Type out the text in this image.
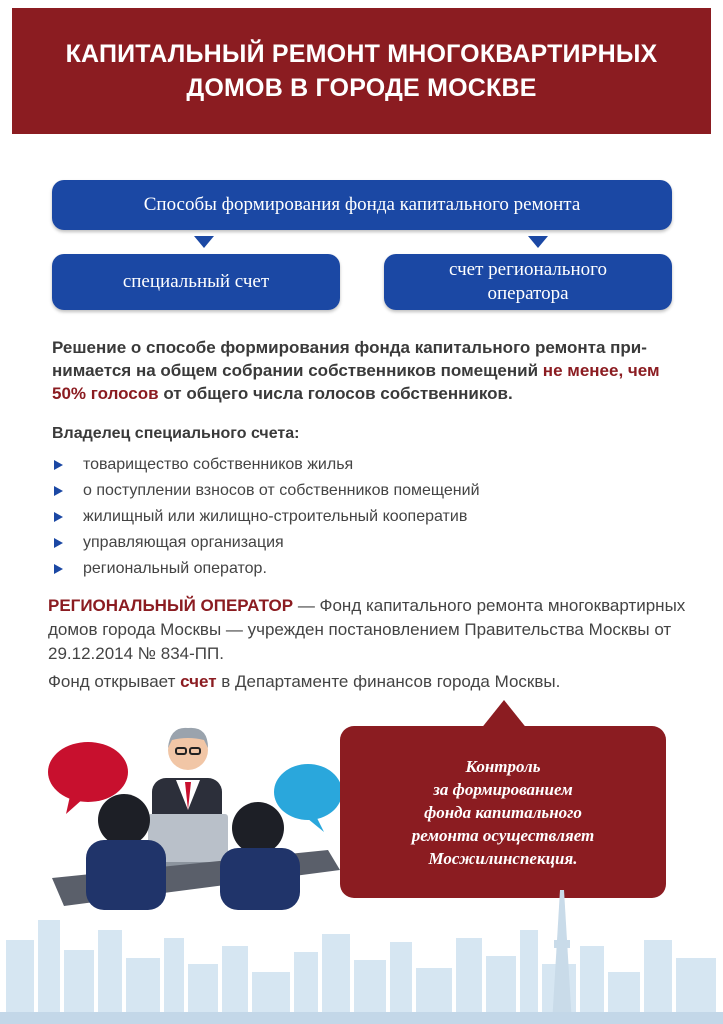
КАПИТАЛЬНЫЙ РЕМОНТ МНОГОКВАРТИРНЫХ
ДОМОВ В ГОРОДЕ МОСКВЕ
Способы формирования фонда капитального ремонта
специальный счет
счет регионального
оператора

Решение о способе формирования фонда капитального ремонта при-нимается на общем собрании собственников помещений не менее, чем 50% голосов от общего числа голосов собственников.

Владелец специального счета:
товарищество собственников жилья
о поступлении взносов от собственников помещений
жилищный или жилищно-строительный кооператив
управляющая организация
региональный оператор.

РЕГИОНАЛЬНЫЙ ОПЕРАТОР — Фонд капитального ремонта многоквартирных домов города Москвы — учрежден постановлением Правительства Москвы от 29.12.2014 № 834-ПП.

Фонд открывает счет в Департаменте финансов города Москвы.

Контроль
за формированием
фонда капитального
ремонта осуществляет
Мосжилинспекция.
